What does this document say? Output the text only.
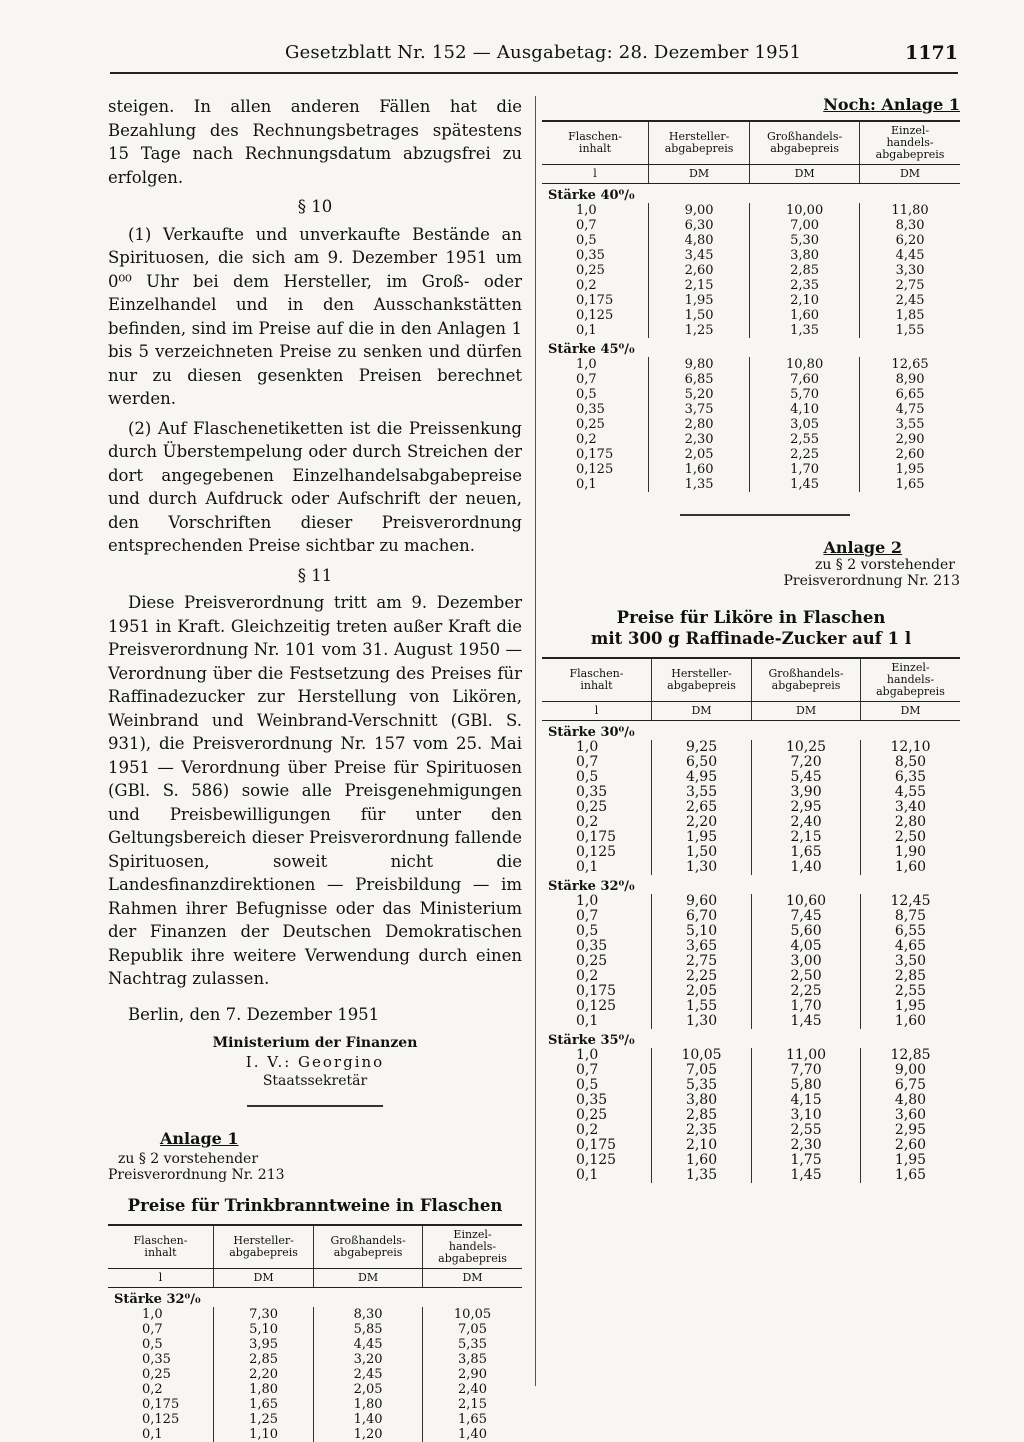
Gesetzblatt Nr. 152 — Ausgabetag: 28. Dezember 1951	1171

steigen. In allen anderen Fällen hat die Bezahlung des Rechnungsbetrages spätestens 15 Tage nach Rechnungsdatum abzugsfrei zu erfolgen.

§ 10

(1) Verkaufte und unverkaufte Bestände an Spirituosen, die sich am 9. Dezember 1951 um 0⁰⁰ Uhr bei dem Hersteller, im Groß- oder Einzelhandel und in den Ausschankstätten befinden, sind im Preise auf die in den Anlagen 1 bis 5 verzeichneten Preise zu senken und dürfen nur zu diesen gesenkten Preisen berechnet werden.

(2) Auf Flaschenetiketten ist die Preissenkung durch Überstempelung oder durch Streichen der dort angegebenen Einzelhandelsabgabepreise und durch Aufdruck oder Aufschrift der neuen, den Vorschriften dieser Preisverordnung entsprechenden Preise sichtbar zu machen.

§ 11

Diese Preisverordnung tritt am 9. Dezember 1951 in Kraft. Gleichzeitig treten außer Kraft die Preisverordnung Nr. 101 vom 31. August 1950 — Verordnung über die Festsetzung des Preises für Raffinadezucker zur Herstellung von Likören, Weinbrand und Weinbrand-Verschnitt (GBl. S. 931), die Preisverordnung Nr. 157 vom 25. Mai 1951 — Verordnung über Preise für Spirituosen (GBl. S. 586) sowie alle Preisgenehmigungen und Preisbewilligungen für unter den Geltungsbereich dieser Preisverordnung fallende Spirituosen, soweit nicht die Landesfinanzdirektionen — Preisbildung — im Rahmen ihrer Befugnisse oder das Ministerium der Finanzen der Deutschen Demokratischen Republik ihre weitere Verwendung durch einen Nachtrag zulassen.

Berlin, den 7. Dezember 1951

Ministerium der Finanzen
I. V.: Georgino
Staatssekretär
Anlage 1
zu § 2 vorstehender
Preisverordnung Nr. 213
Preise für Trinkbranntweine in Flaschen
Flaschen-
inhalt	Hersteller-
abgabepreis	Großhandels-
abgabepreis	Einzel-
handels-
abgabepreis
l	DM	DM	DM
Stärke 32⁰/₀			
1,0	7,30	8,30	10,05
0,7	5,10	5,85	7,05
0,5	3,95	4,45	5,35
0,35	2,85	3,20	3,85
0,25	2,20	2,45	2,90
0,2	1,80	2,05	2,40
0,175	1,65	1,80	2,15
0,125	1,25	1,40	1,65
0,1	1,10	1,20	1,40
Noch: Anlage 1
Flaschen-
inhalt	Hersteller-
abgabepreis	Großhandels-
abgabepreis	Einzel-
handels-
abgabepreis
l	DM	DM	DM
Stärke 40⁰/₀			
1,0	9,00	10,00	11,80
0,7	6,30	7,00	8,30
0,5	4,80	5,30	6,20
0,35	3,45	3,80	4,45
0,25	2,60	2,85	3,30
0,2	2,15	2,35	2,75
0,175	1,95	2,10	2,45
0,125	1,50	1,60	1,85
0,1	1,25	1,35	1,55
Stärke 45⁰/₀			
1,0	9,80	10,80	12,65
0,7	6,85	7,60	8,90
0,5	5,20	5,70	6,65
0,35	3,75	4,10	4,75
0,25	2,80	3,05	3,55
0,2	2,30	2,55	2,90
0,175	2,05	2,25	2,60
0,125	1,60	1,70	1,95
0,1	1,35	1,45	1,65
Anlage 2
zu § 2 vorstehender
Preisverordnung Nr. 213
Preise für Liköre in Flaschen
mit 300 g Raffinade-Zucker auf 1 l
Flaschen-
inhalt	Hersteller-
abgabepreis	Großhandels-
abgabepreis	Einzel-
handels-
abgabepreis
l	DM	DM	DM
Stärke 30⁰/₀			
1,0	9,25	10,25	12,10
0,7	6,50	7,20	8,50
0,5	4,95	5,45	6,35
0,35	3,55	3,90	4,55
0,25	2,65	2,95	3,40
0,2	2,20	2,40	2,80
0,175	1,95	2,15	2,50
0,125	1,50	1,65	1,90
0,1	1,30	1,40	1,60
Stärke 32⁰/₀			
1,0	9,60	10,60	12,45
0,7	6,70	7,45	8,75
0,5	5,10	5,60	6,55
0,35	3,65	4,05	4,65
0,25	2,75	3,00	3,50
0,2	2,25	2,50	2,85
0,175	2,05	2,25	2,55
0,125	1,55	1,70	1,95
0,1	1,30	1,45	1,60
Stärke 35⁰/₀			
1,0	10,05	11,00	12,85
0,7	7,05	7,70	9,00
0,5	5,35	5,80	6,75
0,35	3,80	4,15	4,80
0,25	2,85	3,10	3,60
0,2	2,35	2,55	2,95
0,175	2,10	2,30	2,60
0,125	1,60	1,75	1,95
0,1	1,35	1,45	1,65
